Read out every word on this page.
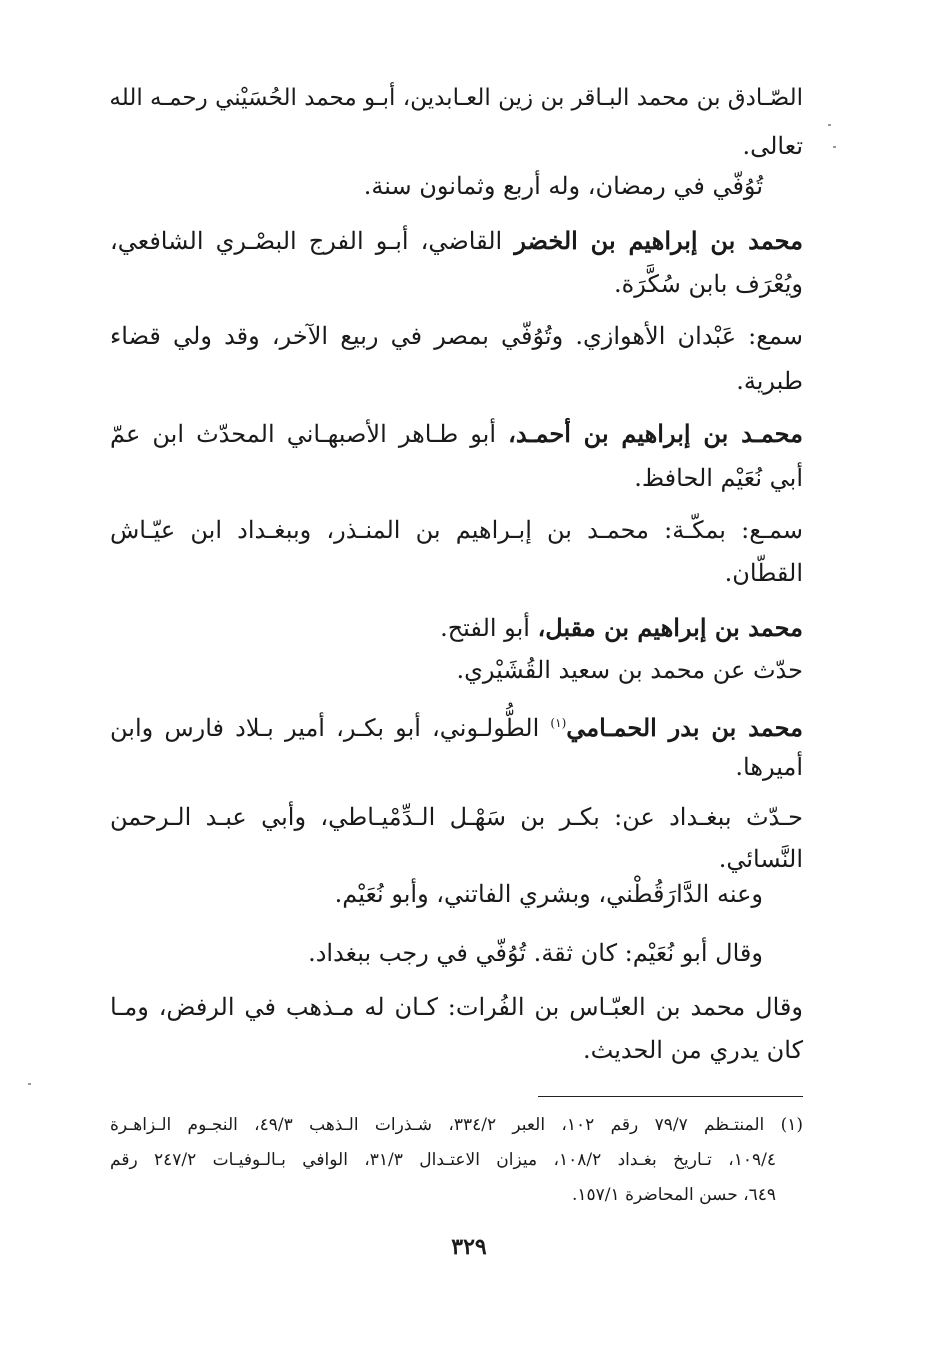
الصّـادق بن محمد البـاقر بن زين العـابدين، أبـو محمد الحُسَيْني رحمـه الله
تعالى.
تُوُفّي في رمضان، وله أربع وثمانون سنة.
محمد بن إبراهيم بن الخضر القاضي، أبـو الفرج البصْـري الشافعي،
ويُعْرَف بابن سُكَّرَة.
سمع: عَبْدان الأهوازي. وتُوُفّي بمصر في ربيع الآخر، وقد ولي قضاء
طبرية.
محمـد بن إبراهيم بن أحمـد، أبو طـاهر الأصبهـاني المحدّث ابن عمّ
أبي نُعَيْم الحافظ.
سمـع: بمكّـة: محمـد بن إبـراهيم بن المنـذر، وببغـداد ابن عيّـاش
القطّان.
محمد بن إبراهيم بن مقبل، أبو الفتح.
حدّث عن محمد بن سعيد القُشَيْري.
محمد بن بدر الحمـامي$^{(١)}$ الطُّولـوني، أبو بكـر، أمير بـلاد فارس وابن
أميرها.
حـدّث ببغـداد عن: بكـر بن سَهْـل الـدِّمْيـاطي، وأبي عبـد الـرحمن
النَّسائي.
وعنه الدَّارَقُطْني، وبشري الفاتني، وأبو نُعَيْم.
وقال أبو نُعَيْم: كان ثقة. تُوُفّي في رجب ببغداد.
وقال محمد بن العبّـاس بن الفُرات: كـان له مـذهب في الرفض، ومـا
كان يدري من الحديث.
(١) المنتـظم ٧٩/٧ رقم ١٠٢، العبر ٣٣٤/٢، شـذرات الـذهب ٤٩/٣، النجـوم الـزاهـرة
١٠٩/٤، تـاريخ بغـداد ١٠٨/٢، ميزان الاعتـدال ٣١/٣، الوافي بـالـوفيـات ٢٤٧/٢ رقم
٦٤٩، حسن المحاضرة ١٥٧/١.
٣٢٩
